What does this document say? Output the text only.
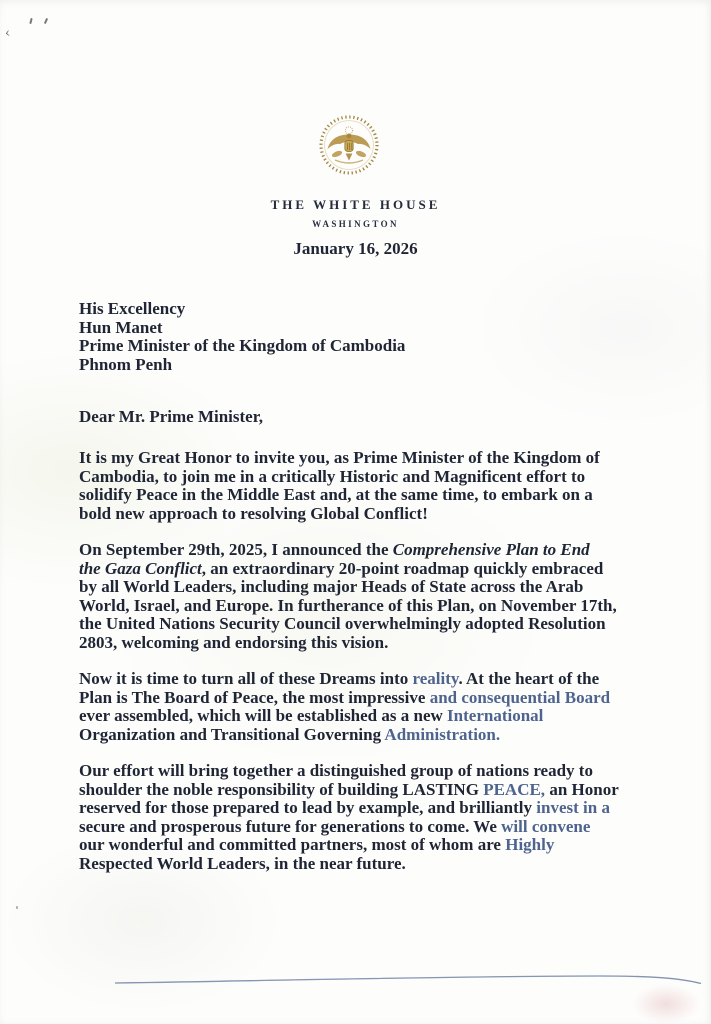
‹
THE WHITE HOUSE
WASHINGTON
January 16, 2026
His Excellency
Hun Manet
Prime Minister of the Kingdom of Cambodia
Phnom Penh
Dear Mr. Prime Minister,
It is my Great Honor to invite you, as Prime Minister of the Kingdom of
Cambodia, to join me in a critically Historic and Magnificent effort to
solidify Peace in the Middle East and, at the same time, to embark on a
bold new approach to resolving Global Conflict!
On September 29th, 2025, I announced the Comprehensive Plan to End
the Gaza Conflict, an extraordinary 20-point roadmap quickly embraced
by all World Leaders, including major Heads of State across the Arab
World, Israel, and Europe. In furtherance of this Plan, on November 17th,
the United Nations Security Council overwhelmingly adopted Resolution
2803, welcoming and endorsing this vision.
Now it is time to turn all of these Dreams into reality. At the heart of the
Plan is The Board of Peace, the most impressive and consequential Board
ever assembled, which will be established as a new International
Organization and Transitional Governing Administration.
Our effort will bring together a distinguished group of nations ready to
shoulder the noble responsibility of building LASTING PEACE, an Honor
reserved for those prepared to lead by example, and brilliantly invest in a
secure and prosperous future for generations to come. We will convene
our wonderful and committed partners, most of whom are Highly
Respected World Leaders, in the near future.
